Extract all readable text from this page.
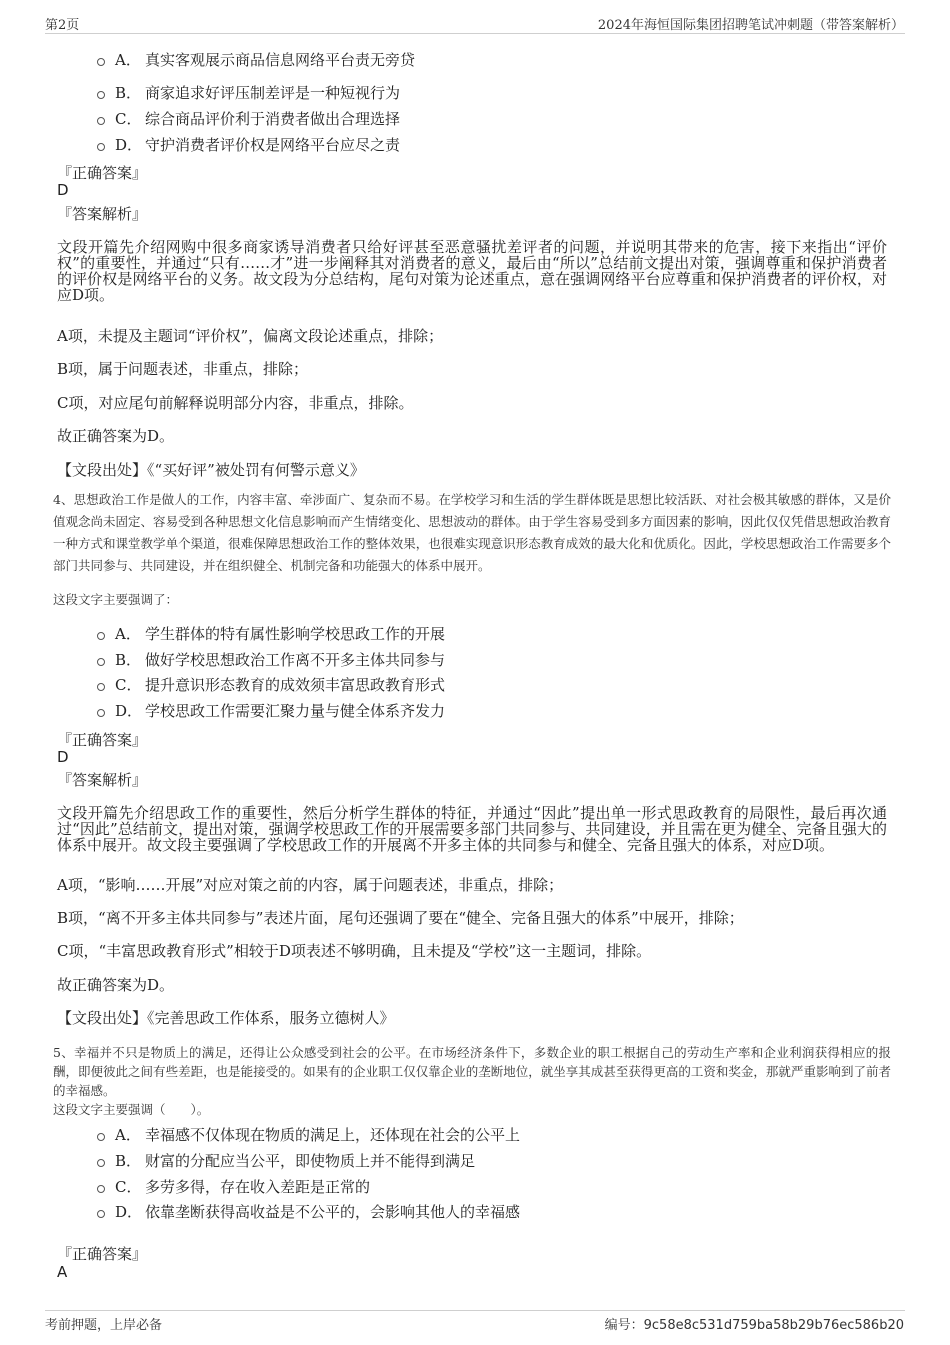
第2页	2024年海恒国际集团招聘笔试冲刺题（带答案解析）
A． 真实客观展示商品信息网络平台责无旁贷
B． 商家追求好评压制差评是一种短视行为
C． 综合商品评价利于消费者做出合理选择
D． 守护消费者评价权是网络平台应尽之责
『正确答案』
D
『答案解析』
文段开篇先介绍网购中很多商家诱导消费者只给好评甚至恶意骚扰差评者的问题，并说明其带来的危害，接下来指出“评价权”的重要性，并通过“只有……才”进一步阐释其对消费者的意义，最后由“所以”总结前文提出对策，强调尊重和保护消费者的评价权是网络平台的义务。故文段为分总结构，尾句对策为论述重点，意在强调网络平台应尊重和保护消费者的评价权，对应D项。
A项，未提及主题词“评价权”，偏离文段论述重点，排除；
B项，属于问题表述，非重点，排除；
C项，对应尾句前解释说明部分内容，非重点，排除。
故正确答案为D。
【文段出处】《“买好评”被处罚有何警示意义》
4、思想政治工作是做人的工作，内容丰富、牵涉面广、复杂而不易。在学校学习和生活的学生群体既是思想比较活跃、对社会极其敏感的群体，又是价值观念尚未固定、容易受到各种思想文化信息影响而产生情绪变化、思想波动的群体。由于学生容易受到多方面因素的影响，因此仅仅凭借思想政治教育一种方式和课堂教学单个渠道，很难保障思想政治工作的整体效果，也很难实现意识形态教育成效的最大化和优质化。因此，学校思想政治工作需要多个部门共同参与、共同建设，并在组织健全、机制完备和功能强大的体系中展开。
这段文字主要强调了：
A． 学生群体的特有属性影响学校思政工作的开展
B． 做好学校思想政治工作离不开多主体共同参与
C． 提升意识形态教育的成效须丰富思政教育形式
D． 学校思政工作需要汇聚力量与健全体系齐发力
『正确答案』
D
『答案解析』
文段开篇先介绍思政工作的重要性，然后分析学生群体的特征，并通过“因此”提出单一形式思政教育的局限性，最后再次通过“因此”总结前文，提出对策，强调学校思政工作的开展需要多部门共同参与、共同建设，并且需在更为健全、完备且强大的体系中展开。故文段主要强调了学校思政工作的开展离不开多主体的共同参与和健全、完备且强大的体系，对应D项。
A项，“影响……开展”对应对策之前的内容，属于问题表述，非重点，排除；
B项，“离不开多主体共同参与”表述片面，尾句还强调了要在“健全、完备且强大的体系”中展开，排除；
C项，“丰富思政教育形式”相较于D项表述不够明确，且未提及“学校”这一主题词，排除。
故正确答案为D。
【文段出处】《完善思政工作体系，服务立德树人》
5、幸福并不只是物质上的满足，还得让公众感受到社会的公平。在市场经济条件下，多数企业的职工根据自己的劳动生产率和企业利润获得相应的报酬，即便彼此之间有些差距，也是能接受的。如果有的企业职工仅仅靠企业的垄断地位，就坐享其成甚至获得更高的工资和奖金，那就严重影响到了前者的幸福感。
这段文字主要强调（　　）。
A． 幸福感不仅体现在物质的满足上，还体现在社会的公平上
B． 财富的分配应当公平，即使物质上并不能得到满足
C． 多劳多得，存在收入差距是正常的
D． 依靠垄断获得高收益是不公平的，会影响其他人的幸福感
『正确答案』
A
考前押题，上岸必备	编号：9c58e8c531d759ba58b29b76ec586b20
